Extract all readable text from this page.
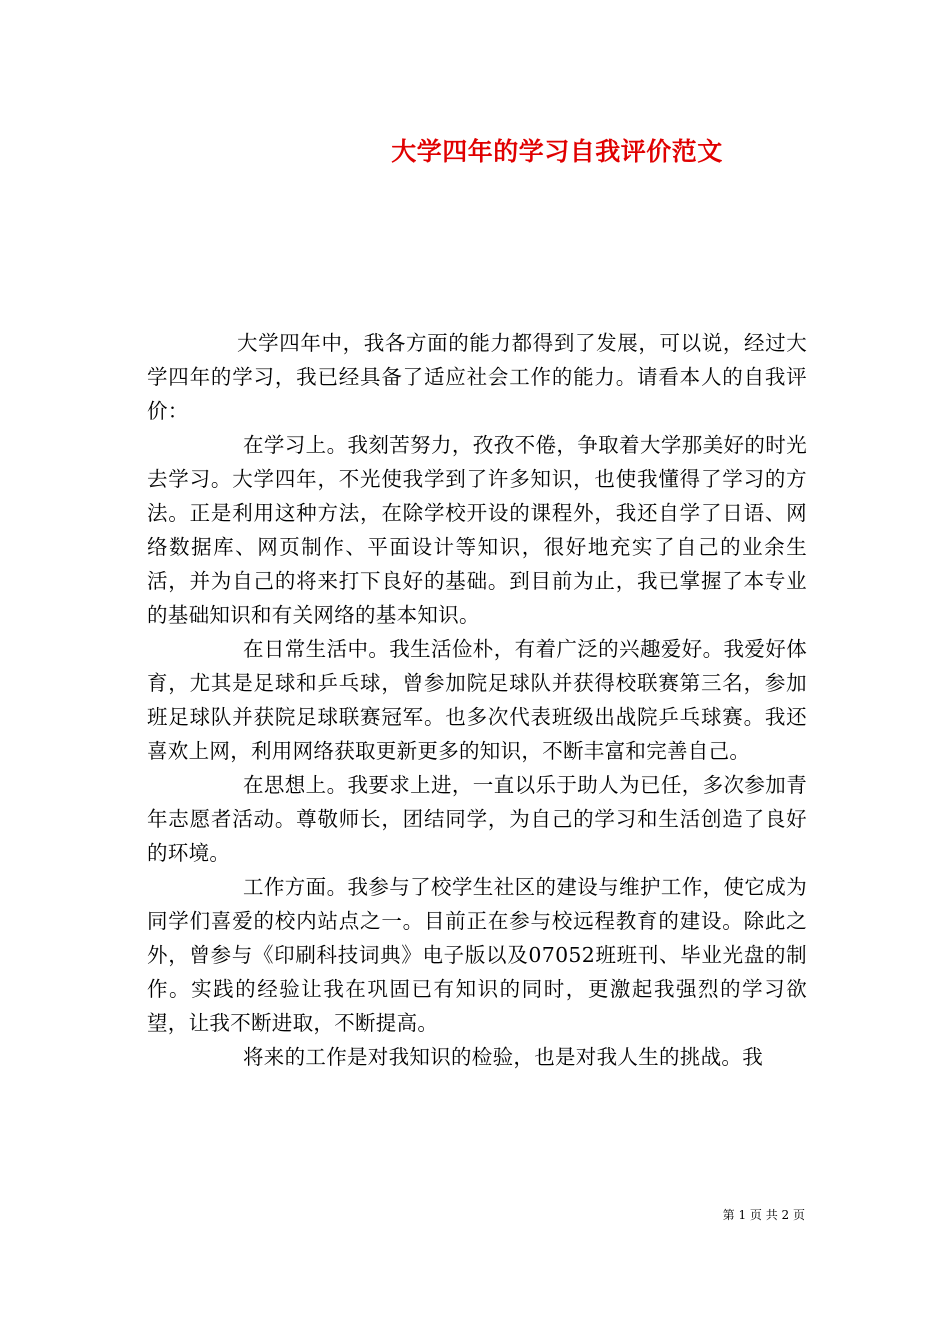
大学四年的学习自我评价范文

大学四年中，我各方面的能力都得到了发展，可以说，经过大学四年的学习，我已经具备了适应社会工作的能力。请看本人的自我评价：

在学习上。我刻苦努力，孜孜不倦，争取着大学那美好的时光去学习。大学四年，不光使我学到了许多知识，也使我懂得了学习的方法。正是利用这种方法，在除学校开设的课程外，我还自学了日语、网络数据库、网页制作、平面设计等知识，很好地充实了自己的业余生活，并为自己的将来打下良好的基础。到目前为止，我已掌握了本专业的基础知识和有关网络的基本知识。

在日常生活中。我生活俭朴，有着广泛的兴趣爱好。我爱好体育，尤其是足球和乒乓球，曾参加院足球队并获得校联赛第三名，参加班足球队并获院足球联赛冠军。也多次代表班级出战院乒乓球赛。我还喜欢上网，利用网络获取更新更多的知识，不断丰富和完善自己。

在思想上。我要求上进，一直以乐于助人为已任，多次参加青年志愿者活动。尊敬师长，团结同学，为自己的学习和生活创造了良好的环境。

工作方面。我参与了校学生社区的建设与维护工作，使它成为同学们喜爱的校内站点之一。目前正在参与校远程教育的建设。除此之外，曾参与《印刷科技词典》电子版以及07052班班刊、毕业光盘的制作。实践的经验让我在巩固已有知识的同时，更激起我强烈的学习欲望，让我不断进取，不断提高。

将来的工作是对我知识的检验，也是对我人生的挑战。我

第 1 页 共 2 页
